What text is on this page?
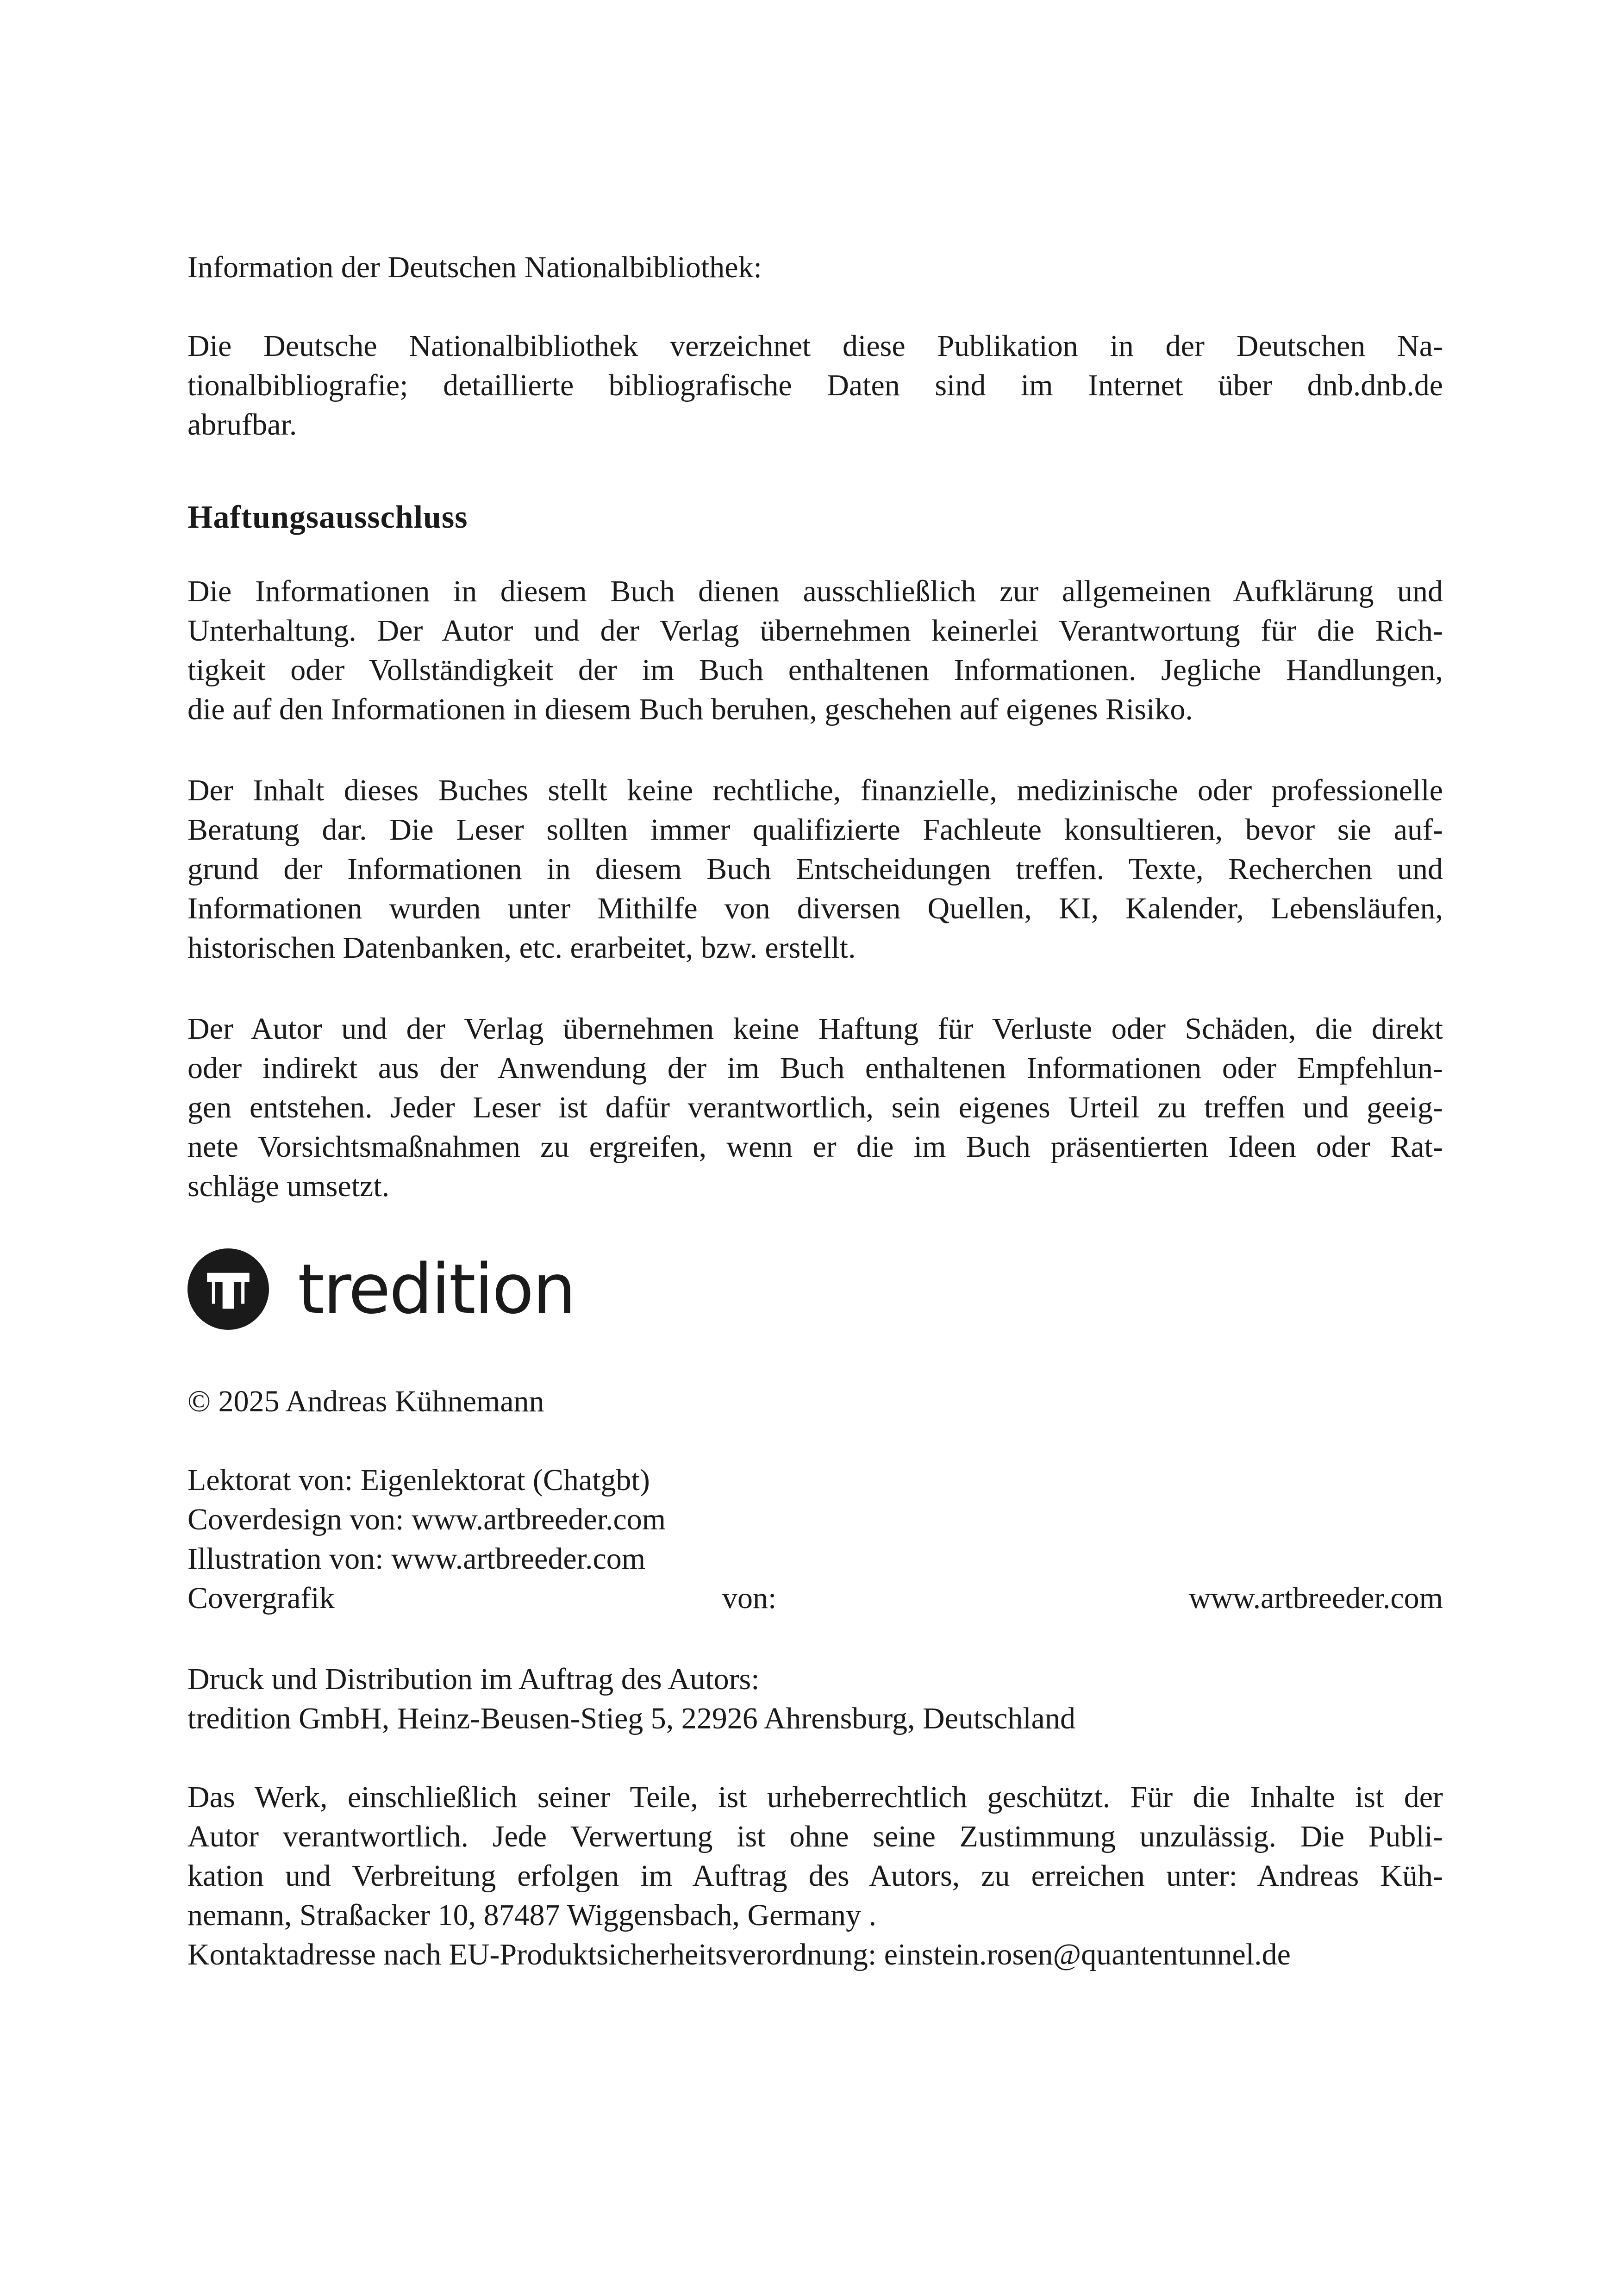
Information der Deutschen Nationalbibliothek:
Die Deutsche Nationalbibliothek verzeichnet diese Publikation in der Deutschen Na-
tionalbibliografie; detaillierte bibliografische Daten sind im Internet über dnb.dnb.de
abrufbar.
Haftungsausschluss
Die Informationen in diesem Buch dienen ausschließlich zur allgemeinen Aufklärung und
Unterhaltung. Der Autor und der Verlag übernehmen keinerlei Verantwortung für die Rich-
tigkeit oder Vollständigkeit der im Buch enthaltenen Informationen. Jegliche Handlungen,
die auf den Informationen in diesem Buch beruhen, geschehen auf eigenes Risiko.
Der Inhalt dieses Buches stellt keine rechtliche, finanzielle, medizinische oder professionelle
Beratung dar. Die Leser sollten immer qualifizierte Fachleute konsultieren, bevor sie auf-
grund der Informationen in diesem Buch Entscheidungen treffen. Texte, Recherchen und
Informationen wurden unter Mithilfe von diversen Quellen, KI, Kalender, Lebensläufen,
historischen Datenbanken, etc. erarbeitet, bzw. erstellt.
Der Autor und der Verlag übernehmen keine Haftung für Verluste oder Schäden, die direkt
oder indirekt aus der Anwendung der im Buch enthaltenen Informationen oder Empfehlun-
gen entstehen. Jeder Leser ist dafür verantwortlich, sein eigenes Urteil zu treffen und geeig-
nete Vorsichtsmaßnahmen zu ergreifen, wenn er die im Buch präsentierten Ideen oder Rat-
schläge umsetzt.
tredition
© 2025 Andreas Kühnemann
Lektorat von: Eigenlektorat (Chatgbt)
Coverdesign von: www.artbreeder.com
Illustration von: www.artbreeder.com
Covergrafik	von:	www.artbreeder.com
Druck und Distribution im Auftrag des Autors:
tredition GmbH, Heinz-Beusen-Stieg 5, 22926 Ahrensburg, Deutschland
Das Werk, einschließlich seiner Teile, ist urheberrechtlich geschützt. Für die Inhalte ist der
Autor verantwortlich. Jede Verwertung ist ohne seine Zustimmung unzulässig. Die Publi-
kation und Verbreitung erfolgen im Auftrag des Autors, zu erreichen unter: Andreas Küh-
nemann, Straßacker 10, 87487 Wiggensbach, Germany .
Kontaktadresse nach EU-Produktsicherheitsverordnung: einstein.rosen@quantentunnel.de
